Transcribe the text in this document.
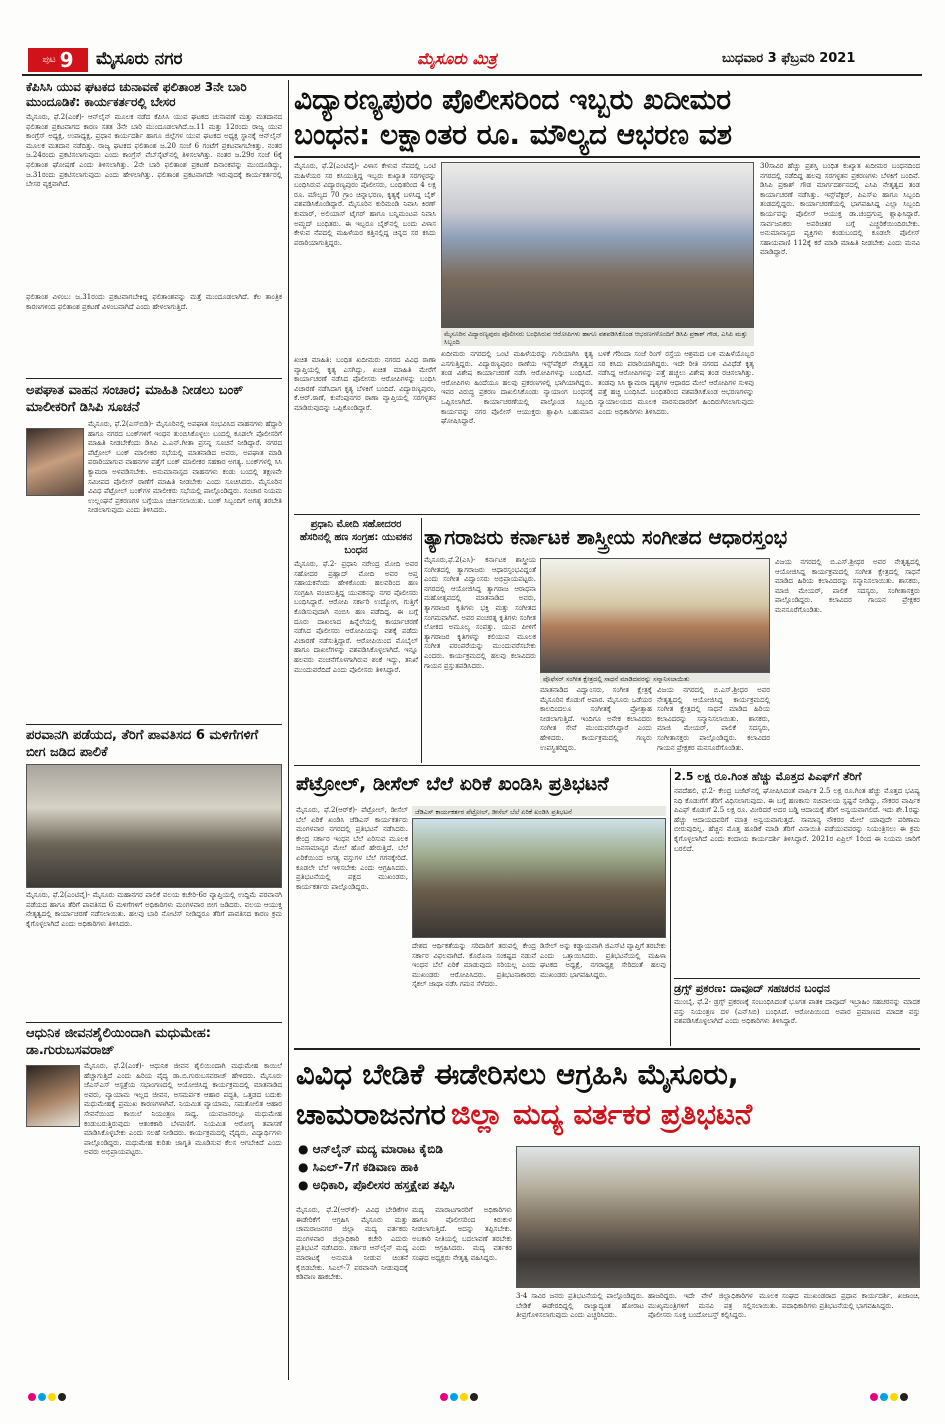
ಪುಟ 9 ಮೈಸೂರು ನಗರ	ಮೈಸೂರು ಮಿತ್ರ	ಬುಧವಾರ 3 ಫೆಬ್ರವರಿ 2021
ಕೆಪಿಸಿಸಿ ಯುವ ಘಟಕದ ಚುನಾವಣೆ ಫಲಿತಾಂಶ 3ನೇ ಬಾರಿ ಮುಂದೂಡಿಕೆ: ಕಾರ್ಯಕರ್ತರಲ್ಲಿ ಬೇಸರ
ಮೈಸೂರು, ಫೆ.2(ಎಂಕೆ)- ಆನ್‌ಲೈನ್ ಮೂಲಕ ನಡೆದ ಕೆಪಿಸಿಸಿ ಯುವ ಘಟಕದ ಚುನಾವಣೆ ಮತ್ತು ಮತದಾನದ ಫಲಿತಾಂಶ ಪ್ರಕಟವಾಗದ ಕಾರಣ ಸತತ 3ನೇ ಬಾರಿ ಮುಂದೂಡಲಾಗಿದೆ.ಜ.11 ಮತ್ತು 12ರಂದು ರಾಜ್ಯ ಯುವ ಕಾಂಗ್ರೆಸ್ ಅಧ್ಯಕ್ಷ, ಉಪಾಧ್ಯಕ್ಷ, ಪ್ರಧಾನ ಕಾರ್ಯದರ್ಶಿ ಹಾಗೂ ಜಿಲ್ಲೆಗಳ ಯುವ ಘಟಕದ ಅಧ್ಯಕ್ಷ ಸ್ಥಾನಕ್ಕೆ ಆನ್‌ಲೈನ್ ಮೂಲಕ ಮತದಾನ ನಡೆದಿತ್ತು. ರಾಜ್ಯ ಘಟಕದ ಫಲಿತಾಂಶ ಜ.20 ಸಂಜೆ 6 ಗಂಟೆಗೆ ಪ್ರಕಟವಾಗಬೇಕಿತ್ತು. ನಂತರ ಜ.24ರಂದು ಪ್ರಕಟಿಸಲಾಗುವುದು ಎಂದು ಕಾಂಗ್ರೆಸ್ ವೆಬ್‌ಸೈಟ್‌ನಲ್ಲಿ ತಿಳಿಸಲಾಗಿತ್ತು. ನಂತರ ಜ.29ರ ಸಂಜೆ 6ಕ್ಕೆ ಫಲಿತಾಂಶ ಘೋಷಣೆ ಎಂದು ತಿಳಿಸಲಾಗಿತ್ತು. 2ನೇ ಬಾರಿ ಫಲಿತಾಂಶ ಪ್ರಕಟಣೆ ದಿನಾಂಕವನ್ನು ಮುಂದೂಡಿದ್ದು, ಜ.31ರಂದು ಪ್ರಕಟಿಸಲಾಗುವುದು ಎಂದು ಹೇಳಲಾಗಿತ್ತು. ಫಲಿತಾಂಶ ಪ್ರಕಟವಾಗದೇ ಇರುವುದಕ್ಕೆ ಕಾರ್ಯಕರ್ತರಲ್ಲಿ ಬೇಸರ ವ್ಯಕ್ತವಾಗಿದೆ.
ಫಲಿತಾಂಶ ವಿಳಂಬ: ಜ.31ರಂದು ಪ್ರಕಟವಾಗಬೇಕಿದ್ದ ಫಲಿತಾಂಶವನ್ನು ಮತ್ತೆ ಮುಂದೂಡಲಾಗಿದೆ. ಕೆಲ ತಾಂತ್ರಿಕ ಕಾರಣಗಳಿಂದ ಫಲಿತಾಂಶ ಪ್ರಕಟಣೆ ವಿಳಂಬವಾಗಿದೆ ಎಂದು ಹೇಳಲಾಗುತ್ತಿದೆ.
ಅಪಘಾತ ವಾಹನ ಸಂಚಾರ; ಮಾಹಿತಿ ನೀಡಲು ಬಂಕ್ ಮಾಲೀಕರಿಗೆ ಡಿಸಿಪಿ ಸೂಚನೆ
ಮೈಸೂರು, ಫೆ.2(ಎಸ್‌ಬಿಡಿ)- ಮೈಸೂರಿನಲ್ಲಿ ಅಪಘಾತ ಸಂಭವಿಸಿದ ವಾಹನಗಳು ಹೆದ್ದಾರಿ ಹಾಗೂ ನಗರದ ಬಂಕ್‌ಗಳಿಗೆ ಇಂಧನ ತುಂಬಿಸಿಕೊಳ್ಳಲು ಬಂದಲ್ಲಿ ಕೂಡಲೇ ಪೊಲೀಸರಿಗೆ ಮಾಹಿತಿ ನೀಡಬೇಕೆಂದು ಡಿಸಿಪಿ ಎ.ಎನ್.ಗೀತಾ ಪ್ರಸನ್ನ ಸೂಚನೆ ನೀಡಿದ್ದಾರೆ. ನಗರದ ಪೆಟ್ರೋಲ್ ಬಂಕ್ ಮಾಲೀಕರ ಸಭೆಯಲ್ಲಿ ಮಾತನಾಡಿದ ಅವರು, ಅಪಘಾತ ಮಾಡಿ ಪರಾರಿಯಾಗುವ ವಾಹನಗಳ ಪತ್ತೆಗೆ ಬಂಕ್ ಮಾಲೀಕರ ಸಹಕಾರ ಅಗತ್ಯ. ಬಂಕ್‌ಗಳಲ್ಲಿ ಸಿಸಿ ಕ್ಯಾಮರಾ ಅಳವಡಿಸಬೇಕು. ಅನುಮಾನಾಸ್ಪದ ವಾಹನಗಳು ಕಂಡು ಬಂದಲ್ಲಿ ತಕ್ಷಣವೇ ಸಮೀಪದ ಪೊಲೀಸ್ ಠಾಣೆಗೆ ಮಾಹಿತಿ ನೀಡಬೇಕು ಎಂದು ಸೂಚಿಸಿದರು. ಮೈಸೂರಿನ ವಿವಿಧ ಪೆಟ್ರೋಲ್ ಬಂಕ್‌ಗಳ ಮಾಲೀಕರು ಸಭೆಯಲ್ಲಿ ಪಾಲ್ಗೊಂಡಿದ್ದರು. ಸಂಚಾರ ನಿಯಮ ಉಲ್ಲಂಘನೆ ಪ್ರಕರಣಗಳ ಬಗ್ಗೆಯೂ ಚರ್ಚಿಸಲಾಯಿತು. ಬಂಕ್ ಸಿಬ್ಬಂದಿಗೆ ಅಗತ್ಯ ತರಬೇತಿ ನೀಡಲಾಗುವುದು ಎಂದು ತಿಳಿಸಿದರು.
ಪರವಾನಗಿ ಪಡೆಯದ, ತೆರಿಗೆ ಪಾವತಿಸದ 6 ಮಳಿಗೆಗಳಿಗೆ ಬೀಗ ಜಡಿದ ಪಾಲಿಕೆ
ಮೈಸೂರು, ಫೆ.2(ಎಂಟಿವೈ)- ಮೈಸೂರು ಮಹಾನಗರ ಪಾಲಿಕೆ ವಲಯ ಕಚೇರಿ-6ರ ವ್ಯಾಪ್ತಿಯಲ್ಲಿ ಉದ್ದಿಮೆ ಪರವಾನಗಿ ಪಡೆಯದ ಹಾಗೂ ತೆರಿಗೆ ಪಾವತಿಸದ 6 ಮಳಿಗೆಗಳಿಗೆ ಅಧಿಕಾರಿಗಳು ಮಂಗಳವಾರ ಬೀಗ ಜಡಿದರು. ವಲಯ ಆಯುಕ್ತ ನೇತೃತ್ವದಲ್ಲಿ ಕಾರ್ಯಾಚರಣೆ ನಡೆಸಲಾಯಿತು. ಹಲವು ಬಾರಿ ನೋಟಿಸ್ ನೀಡಿದ್ದರೂ ತೆರಿಗೆ ಪಾವತಿಸದ ಕಾರಣ ಕ್ರಮ ಕೈಗೊಳ್ಳಲಾಗಿದೆ ಎಂದು ಅಧಿಕಾರಿಗಳು ತಿಳಿಸಿದರು.
ಆಧುನಿಕ ಜೀವನಶೈಲಿಯಿಂದಾಗಿ ಮಧುಮೇಹ: ಡಾ.ಗುರುಬಸವರಾಜ್
ಮೈಸೂರು, ಫೆ.2(ಎಂಕೆ)- ಆಧುನಿಕ ಜೀವನ ಶೈಲಿಯಿಂದಾಗಿ ಮಧುಮೇಹ ಕಾಯಿಲೆ ಹೆಚ್ಚಾಗುತ್ತಿದೆ ಎಂದು ಹಿರಿಯ ವೈದ್ಯ ಡಾ.ಬಿ.ಗುರುಬಸವರಾಜ್ ಹೇಳಿದರು. ಮೈಸೂರು ಜೆಎಸ್‌ಎಸ್ ಆಸ್ಪತ್ರೆಯ ಸಭಾಂಗಣದಲ್ಲಿ ಆಯೋಜಿಸಿದ್ದ ಕಾರ್ಯಕ್ರಮದಲ್ಲಿ ಮಾತನಾಡಿದ ಅವರು, ವ್ಯಾಯಾಮ ಇಲ್ಲದ ಜೀವನ, ಅಸಮರ್ಪಕ ಆಹಾರ ಪದ್ಧತಿ, ಒತ್ತಡದ ಬದುಕು ಮಧುಮೇಹಕ್ಕೆ ಪ್ರಮುಖ ಕಾರಣಗಳಾಗಿವೆ. ನಿಯಮಿತ ವ್ಯಾಯಾಮ, ಸಮತೋಲಿತ ಆಹಾರ ಸೇವನೆಯಿಂದ ಕಾಯಿಲೆ ನಿಯಂತ್ರಣ ಸಾಧ್ಯ. ಯುವಜನರಲ್ಲೂ ಮಧುಮೇಹ ಕಂಡುಬರುತ್ತಿರುವುದು ಆತಂಕಕಾರಿ ಬೆಳವಣಿಗೆ. ನಿಯಮಿತ ಆರೋಗ್ಯ ತಪಾಸಣೆ ಮಾಡಿಸಿಕೊಳ್ಳಬೇಕು ಎಂದು ಸಲಹೆ ನೀಡಿದರು. ಕಾರ್ಯಕ್ರಮದಲ್ಲಿ ವೈದ್ಯರು, ವಿದ್ಯಾರ್ಥಿಗಳು ಪಾಲ್ಗೊಂಡಿದ್ದರು. ಮಧುಮೇಹ ಕುರಿತು ಜಾಗೃತಿ ಮೂಡಿಸುವ ಕೆಲಸ ಆಗಬೇಕಿದೆ ಎಂದು ಅವರು ಅಭಿಪ್ರಾಯಪಟ್ಟರು.
ವಿದ್ಯಾರಣ್ಯಪುರಂ ಪೊಲೀಸರಿಂದ ಇಬ್ಬರು ಖದೀಮರ
ಬಂಧನ: ಲಕ್ಷಾಂತರ ರೂ. ಮೌಲ್ಯದ ಆಭರಣ ವಶ
ಮೈಸೂರು, ಫೆ.2(ಎಂಟಿವೈ)- ವಿಳಾಸ ಕೇಳುವ ನೆಪದಲ್ಲಿ ಒಂಟಿ ಮಹಿಳೆಯರ ಸರ ಕಸಿಯುತ್ತಿದ್ದ ಇಬ್ಬರು ಕುಖ್ಯಾತ ಸರಗಳ್ಳರನ್ನು ಬಂಧಿಸಿರುವ ವಿದ್ಯಾರಣ್ಯಪುರಂ ಪೊಲೀಸರು, ಬಂಧಿತರಿಂದ 4 ಲಕ್ಷ ರೂ. ಮೌಲ್ಯದ 70 ಗ್ರಾಂ ಚಿನ್ನಾಭರಣ, ಕೃತ್ಯಕ್ಕೆ ಬಳಸಿದ್ದ ಬೈಕ್ ವಶಪಡಿಸಿಕೊಂಡಿದ್ದಾರೆ. ಮೈಸೂರಿನ ಕುರಿಮಂಡಿ ನಿವಾಸಿ ಕಿರಣ್ ಕುಮಾರ್, ಅಲಿಯಾಸ್ ಟೈಗರ್ ಹಾಗೂ ಬನ್ನಿಮಂಟಪ ನಿವಾಸಿ ಅಮ್ಜದ್ ಬಂಧಿತರು. ಈ ಇಬ್ಬರೂ ಬೈಕ್‌ನಲ್ಲಿ ಬಂದು ವಿಳಾಸ ಕೇಳುವ ನೆಪದಲ್ಲಿ ಮಹಿಳೆಯರ ಕತ್ತಿನಲ್ಲಿದ್ದ ಚಿನ್ನದ ಸರ ಕಸಿದು ಪರಾರಿಯಾಗುತ್ತಿದ್ದರು.
ಖಚಿತ ಮಾಹಿತಿ: ಬಂಧಿತ ಖದೀಮರು ನಗರದ ವಿವಿಧ ಠಾಣಾ ವ್ಯಾಪ್ತಿಯಲ್ಲಿ ಕೃತ್ಯ ಎಸಗಿದ್ದು, ಖಚಿತ ಮಾಹಿತಿ ಮೇರೆಗೆ ಕಾರ್ಯಾಚರಣೆ ನಡೆಸಿದ ಪೊಲೀಸರು ಆರೋಪಿಗಳನ್ನು ಬಂಧಿಸಿ ವಿಚಾರಣೆ ನಡೆಸಿದಾಗ ಕೃತ್ಯ ಬೆಳಕಿಗೆ ಬಂದಿದೆ. ವಿದ್ಯಾರಣ್ಯಪುರಂ, ಕೆ.ಆರ್.ಠಾಣೆ, ಕುವೆಂಪುನಗರ ಠಾಣಾ ವ್ಯಾಪ್ತಿಯಲ್ಲಿ ಸರಗಳ್ಳತನ ಮಾಡಿರುವುದನ್ನು ಒಪ್ಪಿಕೊಂಡಿದ್ದಾರೆ.
ಮೈಸೂರಿನ ವಿದ್ಯಾರಣ್ಯಪುರಂ ಪೊಲೀಸರು ಬಂಧಿಸಿರುವ ಆರೋಪಿಗಳು ಹಾಗೂ ವಶಪಡಿಸಿಕೊಂಡ ಆಭರಣಗಳೊಂದಿಗೆ ಡಿಸಿಪಿ ಪ್ರಕಾಶ್ ಗೌಡ, ಎಸಿಪಿ ಮತ್ತು ಸಿಬ್ಬಂದಿ
ಖದೀಮರು ನಗರದಲ್ಲಿ ಒಂಟಿ ಮಹಿಳೆಯರನ್ನು ಗುರಿಯಾಗಿಸಿ ಕೃತ್ಯ ಎಸಗುತ್ತಿದ್ದರು. ವಿದ್ಯಾರಣ್ಯಪುರಂ ಠಾಣೆಯ ಇನ್ಸ್‌ಪೆಕ್ಟರ್ ನೇತೃತ್ವದ ತಂಡ ವಿಶೇಷ ಕಾರ್ಯಾಚರಣೆ ನಡೆಸಿ ಆರೋಪಿಗಳನ್ನು ಬಂಧಿಸಿದೆ. ಆರೋಪಿಗಳು ಹಿಂದೆಯೂ ಹಲವು ಪ್ರಕರಣಗಳಲ್ಲಿ ಭಾಗಿಯಾಗಿದ್ದರು. ಇವರ ವಿರುದ್ಧ ಪ್ರಕರಣ ದಾಖಲಿಸಿಕೊಂಡು ನ್ಯಾಯಾಂಗ ಬಂಧನಕ್ಕೆ ಒಪ್ಪಿಸಲಾಗಿದೆ. ಕಾರ್ಯಾಚರಣೆಯಲ್ಲಿ ಪಾಲ್ಗೊಂಡ ಸಿಬ್ಬಂದಿ ಕಾರ್ಯವನ್ನು ನಗರ ಪೊಲೀಸ್ ಆಯುಕ್ತರು ಶ್ಲಾಘಿಸಿ ಬಹುಮಾನ ಘೋಷಿಸಿದ್ದಾರೆ.
ಬಳಕೆ ಗೆರಿಂದಾ ಸಂಜೆ ರಿಂಗ್ ರಸ್ತೆಯ ಆಶ್ರಮದ ಬಳಿ ಮಹಿಳೆಯೊಬ್ಬರ ಸರ ಕಸಿದು ಪರಾರಿಯಾಗಿದ್ದರು. ಇದೇ ರೀತಿ ನಗರದ ವಿವಿಧೆಡೆ ಕೃತ್ಯ ನಡೆಸಿದ್ದ ಆರೋಪಿಗಳನ್ನು ಪತ್ತೆ ಹಚ್ಚಲು ವಿಶೇಷ ತಂಡ ರಚಿಸಲಾಗಿತ್ತು. ತಂಡವು ಸಿಸಿ ಕ್ಯಾಮರಾ ದೃಶ್ಯಗಳ ಆಧಾರದ ಮೇಲೆ ಆರೋಪಿಗಳ ಸುಳಿವು ಪತ್ತೆ ಹಚ್ಚಿ ಬಂಧಿಸಿದೆ. ಬಂಧಿತರಿಂದ ವಶಪಡಿಸಿಕೊಂಡ ಆಭರಣಗಳನ್ನು ನ್ಯಾಯಾಲಯದ ಮೂಲಕ ವಾರಸುದಾರರಿಗೆ ಹಿಂದಿರುಗಿಸಲಾಗುವುದು ಎಂದು ಅಧಿಕಾರಿಗಳು ತಿಳಿಸಿದರು.
30ಸಾವಿರ ಹೆಚ್ಚು ಪ್ರಶಸ್ತಿ ಬಂಧಿತ ಕುಖ್ಯಾತ ಖದೀಮರ ಬಂಧನದಿಂದ ನಗರದಲ್ಲಿ ನಡೆದಿದ್ದ ಹಲವು ಸರಗಳ್ಳತನ ಪ್ರಕರಣಗಳು ಬೆಳಕಿಗೆ ಬಂದಿವೆ. ಡಿಸಿಪಿ ಪ್ರಕಾಶ್ ಗೌಡ ಮಾರ್ಗದರ್ಶನದಲ್ಲಿ ಎಸಿಪಿ ನೇತೃತ್ವದ ತಂಡ ಕಾರ್ಯಾಚರಣೆ ನಡೆಸಿತ್ತು. ಇನ್ಸ್‌ಪೆಕ್ಟರ್, ಪಿಎಸ್‌ಐ ಹಾಗೂ ಸಿಬ್ಬಂದಿ ತಂಡದಲ್ಲಿದ್ದರು. ಕಾರ್ಯಾಚರಣೆಯಲ್ಲಿ ಭಾಗವಹಿಸಿದ್ದ ಎಲ್ಲಾ ಸಿಬ್ಬಂದಿ ಕಾರ್ಯವನ್ನು ಪೊಲೀಸ್ ಆಯುಕ್ತ ಡಾ.ಚಂದ್ರಗುಪ್ತ ಶ್ಲಾಘಿಸಿದ್ದಾರೆ. ಸಾರ್ವಜನಿಕರು ಅಪರಿಚಿತರ ಬಗ್ಗೆ ಎಚ್ಚರಿಕೆಯಿಂದಿರಬೇಕು. ಅನುಮಾನಾಸ್ಪದ ವ್ಯಕ್ತಿಗಳು ಕಂಡುಬಂದಲ್ಲಿ ಕೂಡಲೇ ಪೊಲೀಸ್ ಸಹಾಯವಾಣಿ 112ಕ್ಕೆ ಕರೆ ಮಾಡಿ ಮಾಹಿತಿ ನೀಡಬೇಕು ಎಂದು ಮನವಿ ಮಾಡಿದ್ದಾರೆ.
ಪ್ರಧಾನಿ ಮೋದಿ ಸಹೋದರರ ಹೆಸರಿನಲ್ಲಿ ಹಣ ಸಂಗ್ರಹ: ಯುವಕನ ಬಂಧನ
ಮೈಸೂರು, ಫೆ.2- ಪ್ರಧಾನಿ ನರೇಂದ್ರ ಮೋದಿ ಅವರ ಸಹೋದರ ಪ್ರಹ್ಲಾದ್ ಮೋದಿ ಅವರ ಆಪ್ತ ಸಹಾಯಕನೆಂದು ಹೇಳಿಕೊಂಡು ಹಲವರಿಂದ ಹಣ ಸಂಗ್ರಹಿಸಿ ವಂಚಿಸುತ್ತಿದ್ದ ಯುವಕನನ್ನು ನಗರ ಪೊಲೀಸರು ಬಂಧಿಸಿದ್ದಾರೆ. ಆರೋಪಿ ಸರ್ಕಾರಿ ಉದ್ಯೋಗ, ಗುತ್ತಿಗೆ ಕೊಡಿಸುವುದಾಗಿ ನಂಬಿಸಿ ಹಣ ಪಡೆದಿದ್ದ. ಈ ಬಗ್ಗೆ ದೂರು ದಾಖಲಾದ ಹಿನ್ನೆಲೆಯಲ್ಲಿ ಕಾರ್ಯಾಚರಣೆ ನಡೆಸಿದ ಪೊಲೀಸರು ಆರೋಪಿಯನ್ನು ವಶಕ್ಕೆ ಪಡೆದು ವಿಚಾರಣೆ ನಡೆಸುತ್ತಿದ್ದಾರೆ. ಆರೋಪಿಯಿಂದ ಮೊಬೈಲ್ ಹಾಗೂ ದಾಖಲೆಗಳನ್ನು ವಶಪಡಿಸಿಕೊಳ್ಳಲಾಗಿದೆ. ಇನ್ನೂ ಹಲವರು ವಂಚನೆಗೊಳಗಾಗಿರುವ ಶಂಕೆ ಇದ್ದು, ತನಿಖೆ ಮುಂದುವರೆದಿದೆ ಎಂದು ಪೊಲೀಸರು ತಿಳಿಸಿದ್ದಾರೆ.
ತ್ಯಾಗರಾಜರು ಕರ್ನಾಟಕ ಶಾಸ್ತ್ರೀಯ ಸಂಗೀತದ ಆಧಾರಸ್ತಂಭ
ಮೈಸೂರು,ಫೆ.2(ಎಸಿ)- ಕರ್ನಾಟಕ ಶಾಸ್ತ್ರೀಯ ಸಂಗೀತದಲ್ಲಿ ತ್ಯಾಗರಾಜರು ಆಧಾರಸ್ತಂಭವಿದ್ದಂತೆ ಎಂದು ಸಂಗೀತ ವಿದ್ವಾಂಸರು ಅಭಿಪ್ರಾಯಪಟ್ಟರು. ನಗರದಲ್ಲಿ ಆಯೋಜಿಸಿದ್ದ ತ್ಯಾಗರಾಜ ಆರಾಧನಾ ಮಹೋತ್ಸವದಲ್ಲಿ ಮಾತನಾಡಿದ ಅವರು, ತ್ಯಾಗರಾಜರ ಕೃತಿಗಳು ಭಕ್ತಿ ಮತ್ತು ಸಂಗೀತದ ಸಂಗಮವಾಗಿವೆ. ಅವರ ಪಂಚರತ್ನ ಕೃತಿಗಳು ಸಂಗೀತ ಲೋಕದ ಅಮೂಲ್ಯ ಸಂಪತ್ತು. ಯುವ ಪೀಳಿಗೆ ತ್ಯಾಗರಾಜರ ಕೃತಿಗಳನ್ನು ಕಲಿಯುವ ಮೂಲಕ ಸಂಗೀತ ಪರಂಪರೆಯನ್ನು ಮುಂದುವರೆಸಬೇಕು ಎಂದರು. ಕಾರ್ಯಕ್ರಮದಲ್ಲಿ ಹಲವು ಕಲಾವಿದರು ಗಾಯನ ಪ್ರಸ್ತುತಪಡಿಸಿದರು.
ಪ್ರೊಫೆಸರ್ ಸಂಗೀತ ಕ್ಷೇತ್ರದಲ್ಲಿ ಸಾಧನೆ ಮಾಡಿದವರನ್ನು ಸನ್ಮಾನಿಸಲಾಯಿತು
ಮಾತನಾಡಿದ ವಿದ್ವಾಂಸರು, ಸಂಗೀತ ಕ್ಷೇತ್ರಕ್ಕೆ ಮೈಸೂರಿನ ಕೊಡುಗೆ ಅಪಾರ. ಮೈಸೂರು ಒಡೆಯರ ಕಾಲದಿಂದಲೂ ಸಂಗೀತಕ್ಕೆ ಪ್ರೋತ್ಸಾಹ ನೀಡಲಾಗುತ್ತಿದೆ. ಇಂದಿಗೂ ಅನೇಕ ಕಲಾವಿದರು ಸಂಗೀತ ಸೇವೆ ಮುಂದುವರೆಸಿದ್ದಾರೆ ಎಂದು ಹೇಳಿದರು. ಕಾರ್ಯಕ್ರಮದಲ್ಲಿ ಗಣ್ಯರು ಉಪಸ್ಥಿತರಿದ್ದರು.
ವಿಜಯ ನಗರದಲ್ಲಿ ಬಿ.ಎಸ್.ಶ್ರೀಧರ ಅವರ ನೇತೃತ್ವದಲ್ಲಿ ಆಯೋಜಿಸಿದ್ದ ಕಾರ್ಯಕ್ರಮದಲ್ಲಿ ಸಂಗೀತ ಕ್ಷೇತ್ರದಲ್ಲಿ ಸಾಧನೆ ಮಾಡಿದ ಹಿರಿಯ ಕಲಾವಿದರನ್ನು ಸನ್ಮಾನಿಸಲಾಯಿತು. ಶಾಸಕರು, ಮಾಜಿ ಮೇಯರ್, ಪಾಲಿಕೆ ಸದಸ್ಯರು, ಸಂಗೀತಾಸಕ್ತರು ಪಾಲ್ಗೊಂಡಿದ್ದರು. ಕಲಾವಿದರ ಗಾಯನ ಪ್ರೇಕ್ಷಕರ ಮನಸೂರೆಗೊಂಡಿತು.
ವಿಜಯ ನಗರದಲ್ಲಿ ಬಿ.ಎಸ್.ಶ್ರೀಧರ ಅವರ ನೇತೃತ್ವದಲ್ಲಿ ಆಯೋಜಿಸಿದ್ದ ಕಾರ್ಯಕ್ರಮದಲ್ಲಿ ಸಂಗೀತ ಕ್ಷೇತ್ರದಲ್ಲಿ ಸಾಧನೆ ಮಾಡಿದ ಹಿರಿಯ ಕಲಾವಿದರನ್ನು ಸನ್ಮಾನಿಸಲಾಯಿತು. ಶಾಸಕರು, ಮಾಜಿ ಮೇಯರ್, ಪಾಲಿಕೆ ಸದಸ್ಯರು, ಸಂಗೀತಾಸಕ್ತರು ಪಾಲ್ಗೊಂಡಿದ್ದರು. ಕಲಾವಿದರ ಗಾಯನ ಪ್ರೇಕ್ಷಕರ ಮನಸೂರೆಗೊಂಡಿತು.
ಪೆಟ್ರೋಲ್, ಡೀಸೆಲ್ ಬೆಲೆ ಏರಿಕೆ ಖಂಡಿಸಿ ಪ್ರತಿಭಟನೆ
ಮೈಸೂರು, ಫೆ.2(ಆರ್‌ಕೆ)- ಪೆಟ್ರೋಲ್, ಡೀಸೆಲ್ ಬೆಲೆ ಏರಿಕೆ ಖಂಡಿಸಿ ಜೆಡಿಎಸ್ ಕಾರ್ಯಕರ್ತರು ಮಂಗಳವಾರ ನಗರದಲ್ಲಿ ಪ್ರತಿಭಟನೆ ನಡೆಸಿದರು. ಕೇಂದ್ರ ಸರ್ಕಾರ ಇಂಧನ ಬೆಲೆ ಏರಿಸುವ ಮೂಲಕ ಜನಸಾಮಾನ್ಯರ ಮೇಲೆ ಹೊರೆ ಹೇರುತ್ತಿದೆ. ಬೆಲೆ ಏರಿಕೆಯಿಂದ ಅಗತ್ಯ ವಸ್ತುಗಳ ಬೆಲೆ ಗಗನಕ್ಕೇರಿದೆ. ಕೂಡಲೇ ಬೆಲೆ ಇಳಿಸಬೇಕು ಎಂದು ಆಗ್ರಹಿಸಿದರು. ಪ್ರತಿಭಟನೆಯಲ್ಲಿ ಪಕ್ಷದ ಮುಖಂಡರು, ಕಾರ್ಯಕರ್ತರು ಪಾಲ್ಗೊಂಡಿದ್ದರು.
ಜೆಡಿಎಸ್ ಕಾರ್ಯಕರ್ತರ ಪೆಟ್ರೋಲ್, ಡೀಸೆಲ್ ಬೆಲೆ ಏರಿಕೆ ಖಂಡಿಸಿ ಪ್ರತಿಭಟನೆ
ದೇಶದ ಆರ್ಥಿಕತೆಯನ್ನು ಸರಿದಾರಿಗೆ ತರುವಲ್ಲಿ ಕೇಂದ್ರ ಸರ್ಕಾರ ವಿಫಲವಾಗಿದೆ. ಕೊರೊನಾ ಸಂಕಷ್ಟದ ನಡುವೆ ಇಂಧನ ಬೆಲೆ ಏರಿಕೆ ಮಾಡುವುದು ಸರಿಯಲ್ಲ ಎಂದು ಮುಖಂಡರು ಆರೋಪಿಸಿದರು. ಪ್ರತಿಭಟನಾಕಾರರು ಸೈಕಲ್ ಜಾಥಾ ನಡೆಸಿ ಗಮನ ಸೆಳೆದರು.
ಡಿಸೇಲ್ ಅನ್ನು ಕಡ್ಡಾಯವಾಗಿ ಜಿಎಸ್‌ಟಿ ವ್ಯಾಪ್ತಿಗೆ ತರಬೇಕು ಎಂದು ಒತ್ತಾಯಿಸಿದರು. ಪ್ರತಿಭಟನೆಯಲ್ಲಿ ಮಹಿಳಾ ಘಟಕದ ಅಧ್ಯಕ್ಷೆ, ನಗರಾಧ್ಯಕ್ಷ ಸೇರಿದಂತೆ ಹಲವು ಮುಖಂಡರು ಭಾಗವಹಿಸಿದ್ದರು.
2.5 ಲಕ್ಷ ರೂ.ಗಿಂತ ಹೆಚ್ಚು ಮೊತ್ತದ ಪಿಎಫ್‌ಗೆ ತೆರಿಗೆ
ನವದೆಹಲಿ, ಫೆ.2- ಕೇಂದ್ರ ಬಜೆಟ್‌ನಲ್ಲಿ ಘೋಷಿಸಿದಂತೆ ವಾರ್ಷಿಕ 2.5 ಲಕ್ಷ ರೂ.ಗಿಂತ ಹೆಚ್ಚು ಮೊತ್ತದ ಭವಿಷ್ಯ ನಿಧಿ ಕೊಡುಗೆಗೆ ತೆರಿಗೆ ವಿಧಿಸಲಾಗುವುದು. ಈ ಬಗ್ಗೆ ಹಣಕಾಸು ಸಚಿವಾಲಯ ಸ್ಪಷ್ಟನೆ ನೀಡಿದ್ದು, ನೌಕರರ ವಾರ್ಷಿಕ ಪಿಎಫ್ ಕೊಡುಗೆ 2.5 ಲಕ್ಷ ರೂ. ಮೀರಿದರೆ ಅದರ ಬಡ್ಡಿ ಆದಾಯಕ್ಕೆ ತೆರಿಗೆ ಅನ್ವಯವಾಗಲಿದೆ. ಇದು ಶೇ.1ರಷ್ಟು ಹೆಚ್ಚು ಆದಾಯದವರಿಗೆ ಮಾತ್ರ ಅನ್ವಯವಾಗುತ್ತದೆ. ಸಾಮಾನ್ಯ ನೌಕರರ ಮೇಲೆ ಯಾವುದೇ ಪರಿಣಾಮ ಬೀರುವುದಿಲ್ಲ. ಹೆಚ್ಚಿನ ಮೊತ್ತ ಹೂಡಿಕೆ ಮಾಡಿ ತೆರಿಗೆ ವಿನಾಯಿತಿ ಪಡೆಯುವವರನ್ನು ನಿಯಂತ್ರಿಸಲು ಈ ಕ್ರಮ ಕೈಗೊಳ್ಳಲಾಗಿದೆ ಎಂದು ಕಂದಾಯ ಕಾರ್ಯದರ್ಶಿ ತಿಳಿಸಿದ್ದಾರೆ. 2021ರ ಏಪ್ರಿಲ್ 1ರಿಂದ ಈ ನಿಯಮ ಜಾರಿಗೆ ಬರಲಿದೆ.
ಡ್ರಗ್ಸ್ ಪ್ರಕರಣ: ದಾವೂದ್ ಸಹಚರನ ಬಂಧನ
ಮುಂಬೈ, ಫೆ.2- ಡ್ರಗ್ಸ್ ಪ್ರಕರಣಕ್ಕೆ ಸಂಬಂಧಿಸಿದಂತೆ ಭೂಗತ ಪಾತಕಿ ದಾವೂದ್ ಇಬ್ರಾಹಿಂ ಸಹಚರನನ್ನು ಮಾದಕ ವಸ್ತು ನಿಯಂತ್ರಣ ದಳ (ಎನ್‌ಸಿಬಿ) ಬಂಧಿಸಿದೆ. ಆರೋಪಿಯಿಂದ ಅಪಾರ ಪ್ರಮಾಣದ ಮಾದಕ ವಸ್ತು ವಶಪಡಿಸಿಕೊಳ್ಳಲಾಗಿದೆ ಎಂದು ಅಧಿಕಾರಿಗಳು ತಿಳಿಸಿದ್ದಾರೆ.
ವಿವಿಧ ಬೇಡಿಕೆ ಈಡೇರಿಸಲು ಆಗ್ರಹಿಸಿ ಮೈಸೂರು,
ಚಾಮರಾಜನಗರ ಜಿಲ್ಲಾ ಮದ್ಯ ವರ್ತಕರ ಪ್ರತಿಭಟನೆ
● ಆನ್‌ಲೈನ್ ಮದ್ಯ ಮಾರಾಟ ಕೈಬಿಡಿ
● ಸಿಎಲ್-7ಗೆ ಕಡಿವಾಣ ಹಾಕಿ
● ಅಧಿಕಾರಿ, ಪೊಲೀಸರ ಹಸ್ತಕ್ಷೇಪ ತಪ್ಪಿಸಿ
ಮೈಸೂರು, ಫೆ.2(ಆರ್‌ಕೆ)- ವಿವಿಧ ಬೇಡಿಕೆಗಳ ಈಡೇರಿಕೆಗೆ ಆಗ್ರಹಿಸಿ ಮೈಸೂರು ಮತ್ತು ಚಾಮರಾಜನಗರ ಜಿಲ್ಲಾ ಮದ್ಯ ವರ್ತಕರು ಮಂಗಳವಾರ ಜಿಲ್ಲಾಧಿಕಾರಿ ಕಚೇರಿ ಎದುರು ಪ್ರತಿಭಟನೆ ನಡೆಸಿದರು. ಸರ್ಕಾರ ಆನ್‌ಲೈನ್ ಮದ್ಯ ಮಾರಾಟಕ್ಕೆ ಅನುಮತಿ ನೀಡುವ ಚಿಂತನೆ ಕೈಬಿಡಬೇಕು. ಸಿಎಲ್-7 ಪರವಾನಗಿ ನೀಡುವುದಕ್ಕೆ ಕಡಿವಾಣ ಹಾಕಬೇಕು.
ಮದ್ಯ ಮಾರಾಟಗಾರರಿಗೆ ಅಧಿಕಾರಿಗಳು ಹಾಗೂ ಪೊಲೀಸರಿಂದ ಕಿರುಕುಳ ನೀಡಲಾಗುತ್ತಿದೆ. ಅದನ್ನು ತಪ್ಪಿಸಬೇಕು. ಅಬಕಾರಿ ನೀತಿಯಲ್ಲಿ ಬದಲಾವಣೆ ತರಬೇಕು ಎಂದು ಆಗ್ರಹಿಸಿದರು. ಮದ್ಯ ವರ್ತಕರ ಸಂಘದ ಅಧ್ಯಕ್ಷರು ನೇತೃತ್ವ ವಹಿಸಿದ್ದರು.
3-4 ಸಾವಿರ ಜನರು ಪ್ರತಿಭಟನೆಯಲ್ಲಿ ಪಾಲ್ಗೊಂಡಿದ್ದರು. ಬೇಡಿಕೆ ಈಡೇರದಿದ್ದಲ್ಲಿ ರಾಜ್ಯಾದ್ಯಂತ ಹೋರಾಟ ತೀವ್ರಗೊಳಿಸಲಾಗುವುದು ಎಂದು ಎಚ್ಚರಿಸಿದರು.
ಹಾಜರಿದ್ದರು. ಇದೇ ವೇಳೆ ಜಿಲ್ಲಾಧಿಕಾರಿಗಳ ಮೂಲಕ ಮುಖ್ಯಮಂತ್ರಿಗಳಿಗೆ ಮನವಿ ಪತ್ರ ಸಲ್ಲಿಸಲಾಯಿತು. ಪೊಲೀಸರು ಸೂಕ್ತ ಬಂದೋಬಸ್ತ್ ಕಲ್ಪಿಸಿದ್ದರು.
ಸಂಘದ ಮುಖಂಡರಾದ ಪ್ರಧಾನ ಕಾರ್ಯದರ್ಶಿ, ಖಜಾಂಚಿ, ಪದಾಧಿಕಾರಿಗಳು ಪ್ರತಿಭಟನೆಯಲ್ಲಿ ಭಾಗವಹಿಸಿದ್ದರು.
